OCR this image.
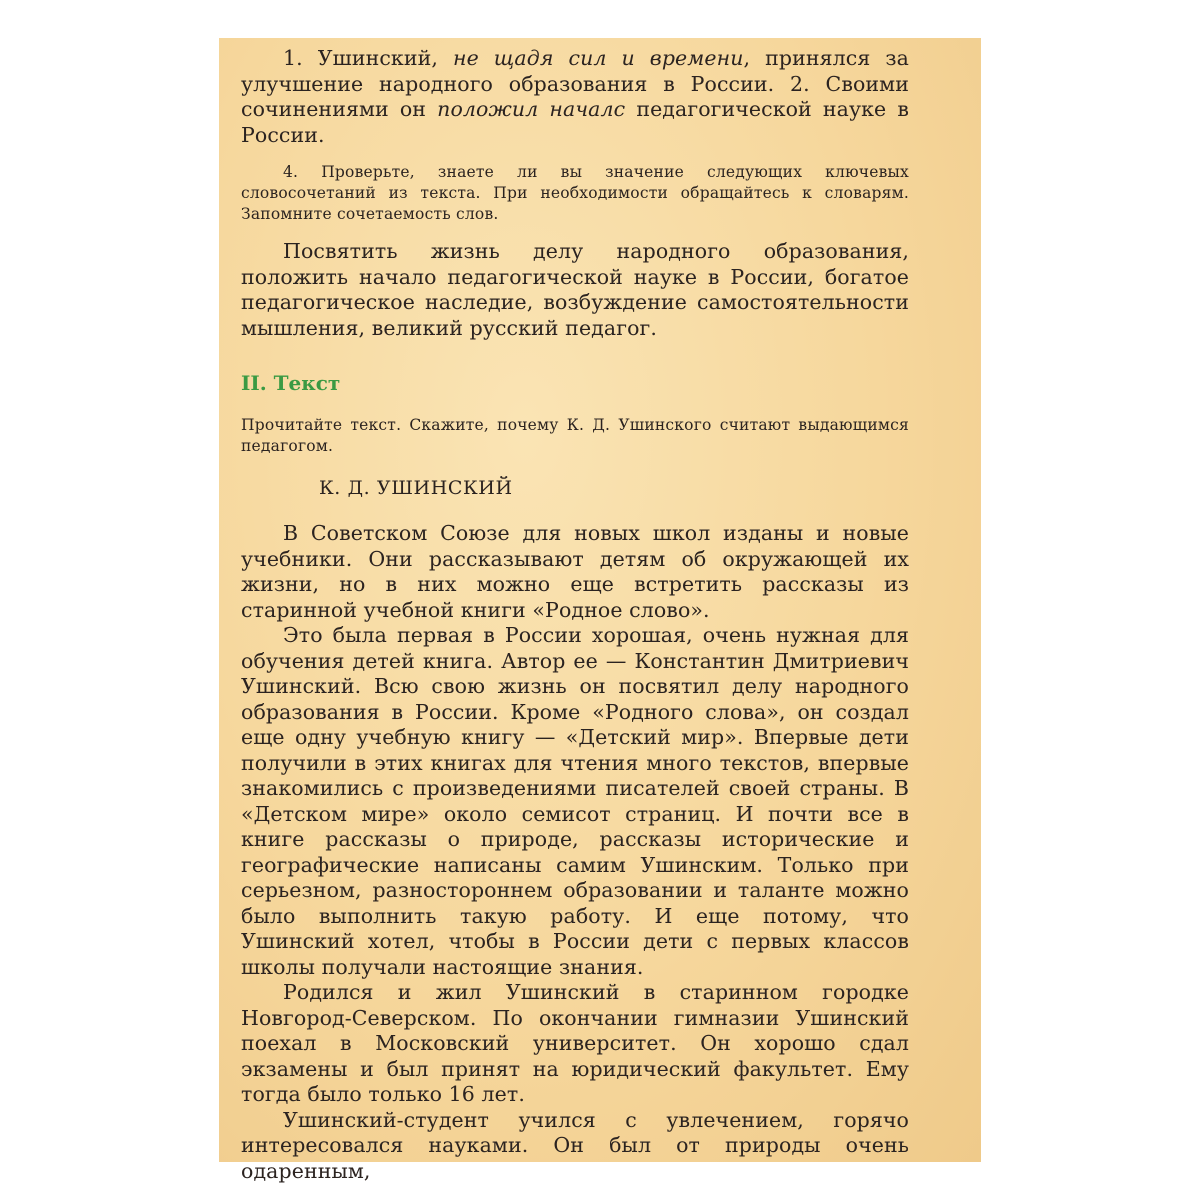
1. Ушинский, не щадя сил и времени, принялся за улучшение народного образования в России. 2. Своими сочинениями он положил началс педагогической науке в России.

4. Проверьте, знаете ли вы значение следующих ключевых словосочетаний из текста. При необходимости обращайтесь к словарям. Запомните сочетаемость слов.

Посвятить жизнь делу народного образования, положить начало педагогической науке в России, богатое педагогическое наследие, возбуждение самостоятельности мышления, великий русский педагог.

II. Текст

Прочитайте текст. Скажите, почему К. Д. Ушинского считают выдающимся педагогом.

К. Д. УШИНСКИЙ

В Советском Союзе для новых школ изданы и новые учебники. Они рассказывают детям об окружающей их жизни, но в них можно еще встретить рассказы из старинной учебной книги «Родное слово».

Это была первая в России хорошая, очень нужная для обучения детей книга. Автор ее — Константин Дмитриевич Ушинский. Всю свою жизнь он посвятил делу народного образования в России. Кроме «Родного слова», он создал еще одну учебную книгу — «Детский мир». Впервые дети получили в этих книгах для чтения много текстов, впервые знакомились с произведениями писателей своей страны. В «Детском мире» около семисот страниц. И почти все в книге рассказы о природе, рассказы исторические и географические написаны самим Ушинским. Только при серьезном, разностороннем образовании и таланте можно было выполнить такую работу. И еще потому, что Ушинский хотел, чтобы в России дети с первых классов школы получали настоящие знания.

Родился и жил Ушинский в старинном городке Новгород-Северском. По окончании гимназии Ушинский поехал в Московский университет. Он хорошо сдал экзамены и был принят на юридический факультет. Ему тогда было только 16 лет.

Ушинский-студент учился с увлечением, горячо интересовался науками. Он был от природы очень одаренным,
